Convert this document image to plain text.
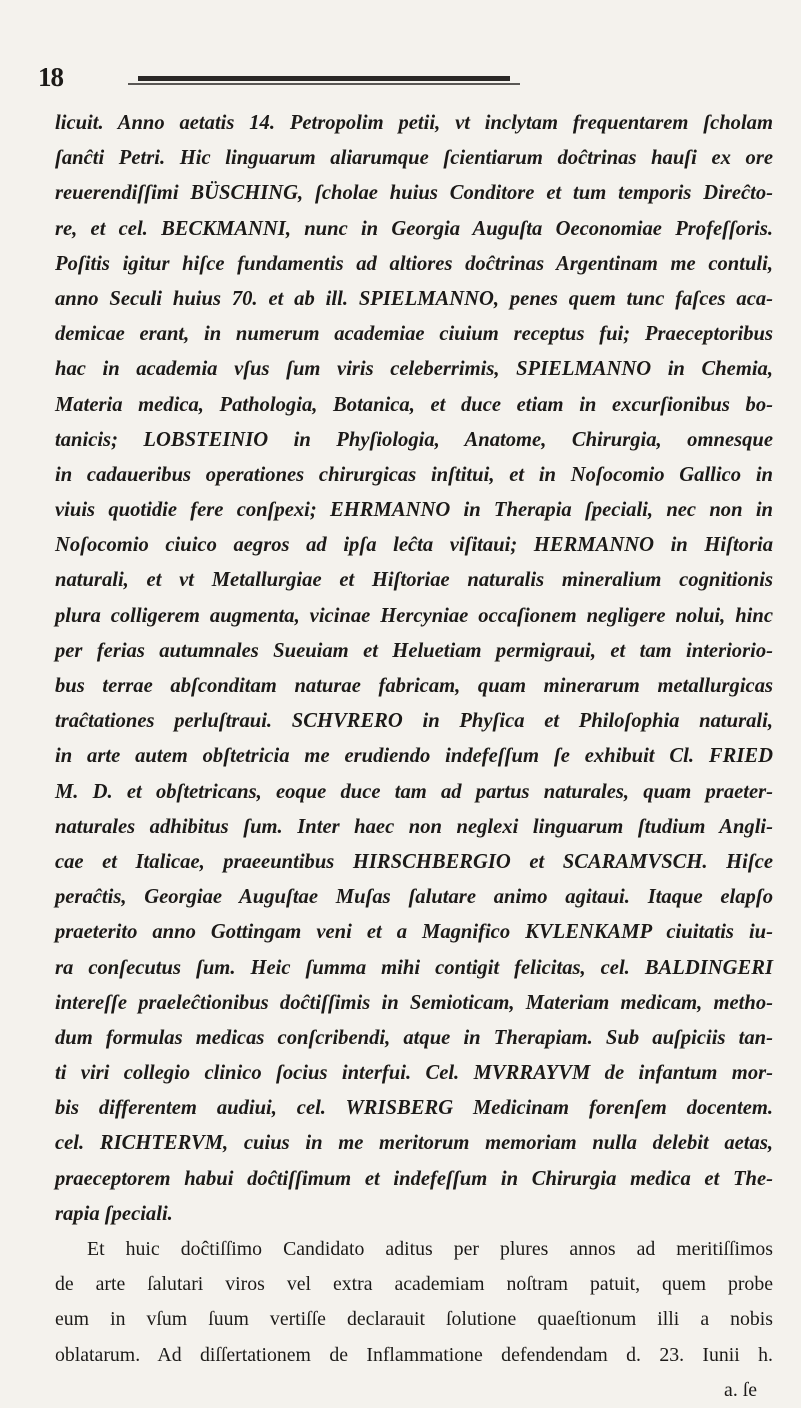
18
licuit. Anno aetatis 14. Petropolim petii, vt inclytam frequentarem ſcholam
ſanĉti Petri. Hic linguarum aliarumque ſcientiarum doĉtrinas hauſi ex ore
reuerendiſſimi BÜSCHING, ſcholae huius Conditore et tum temporis Direĉto-
re, et cel. BECKMANNI, nunc in Georgia Auguſta Oeconomiae Profeſſoris.
Poſitis igitur hiſce fundamentis ad altiores doĉtrinas Argentinam me contuli,
anno Seculi huius 70. et ab ill. SPIELMANNO, penes quem tunc faſces aca-
demicae erant, in numerum academiae ciuium receptus fui; Praeceptoribus
hac in academia vſus ſum viris celeberrimis, SPIELMANNO in Chemia,
Materia medica, Pathologia, Botanica, et duce etiam in excurſionibus bo-
tanicis; LOBSTEINIO in Phyſiologia, Anatome, Chirurgia, omnesque
in cadaueribus operationes chirurgicas inſtitui, et in Noſocomio Gallico in
viuis quotidie fere conſpexi; EHRMANNO in Therapia ſpeciali, nec non in
Noſocomio ciuico aegros ad ipſa leĉta viſitaui; HERMANNO in Hiſtoria
naturali, et vt Metallurgiae et Hiſtoriae naturalis mineralium cognitionis
plura colligerem augmenta, vicinae Hercyniae occaſionem negligere nolui, hinc
per ferias autumnales Sueuiam et Heluetiam permigraui, et tam interiorio-
bus terrae abſconditam naturae fabricam, quam minerarum metallurgicas
traĉtationes perluſtraui. SCHVRERO in Phyſica et Philoſophia naturali,
in arte autem obſtetricia me erudiendo indefeſſum ſe exhibuit Cl. FRIED
M. D. et obſtetricans, eoque duce tam ad partus naturales, quam praeter-
naturales adhibitus ſum. Inter haec non neglexi linguarum ſtudium Angli-
cae et Italicae, praeeuntibus HIRSCHBERGIO et SCARAMVSCH. Hiſce
peraĉtis, Georgiae Auguſtae Muſas ſalutare animo agitaui. Itaque elapſo
praeterito anno Gottingam veni et a Magnifico KVLENKAMP ciuitatis iu-
ra conſecutus ſum. Heic ſumma mihi contigit felicitas, cel. BALDINGERI
intereſſe praeleĉtionibus doĉtiſſimis in Semioticam, Materiam medicam, metho-
dum formulas medicas conſcribendi, atque in Therapiam. Sub auſpiciis tan-
ti viri collegio clinico ſocius interfui. Cel. MVRRAYVM de infantum mor-
bis differentem audiui, cel. WRISBERG Medicinam forenſem docentem.
cel. RICHTERVM, cuius in me meritorum memoriam nulla delebit aetas,
praeceptorem habui doĉtiſſimum et indefeſſum in Chirurgia medica et The-
rapia ſpeciali.
Et huic doĉtiſſimo Candidato aditus per plures annos ad meritiſſimos
de arte ſalutari viros vel extra academiam noſtram patuit, quem probe
eum in vſum ſuum vertiſſe declarauit ſolutione quaeſtionum illi a nobis
oblatarum. Ad diſſertationem de Inflammatione defendendam d. 23. Iunii h.
a. ſe
